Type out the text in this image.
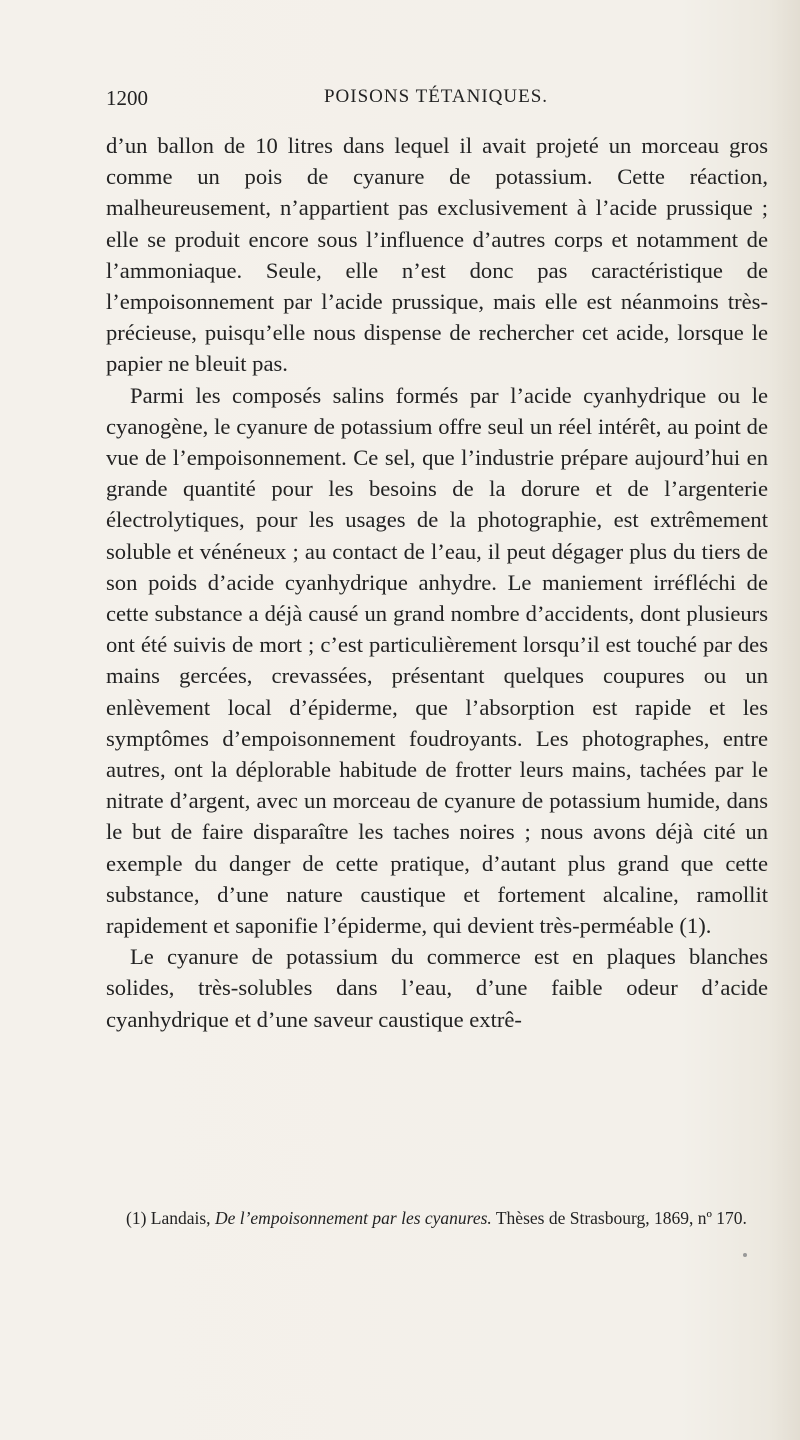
1200	POISONS TÉTANIQUES.

d’un ballon de 10 litres dans lequel il avait projeté un morceau gros comme un pois de cyanure de potassium. Cette réaction, malheureusement, n’appartient pas exclusivement à l’acide prussique ; elle se produit encore sous l’influence d’autres corps et notamment de l’ammoniaque. Seule, elle n’est donc pas caractéristique de l’empoisonnement par l’acide prussique, mais elle est néanmoins très-précieuse, puisqu’elle nous dispense de rechercher cet acide, lorsque le papier ne bleuit pas.

Parmi les composés salins formés par l’acide cyanhydrique ou le cyanogène, le cyanure de potassium offre seul un réel intérêt, au point de vue de l’empoisonnement. Ce sel, que l’industrie prépare aujourd’hui en grande quantité pour les besoins de la dorure et de l’argenterie électrolytiques, pour les usages de la photographie, est extrêmement soluble et vénéneux ; au contact de l’eau, il peut dégager plus du tiers de son poids d’acide cyanhydrique anhydre. Le maniement irréfléchi de cette substance a déjà causé un grand nombre d’accidents, dont plusieurs ont été suivis de mort ; c’est particulièrement lorsqu’il est touché par des mains gercées, crevassées, présentant quelques coupures ou un enlèvement local d’épiderme, que l’absorption est rapide et les symptômes d’empoisonnement foudroyants. Les photographes, entre autres, ont la déplorable habitude de frotter leurs mains, tachées par le nitrate d’argent, avec un morceau de cyanure de potassium humide, dans le but de faire disparaître les taches noires ; nous avons déjà cité un exemple du danger de cette pratique, d’autant plus grand que cette substance, d’une nature caustique et fortement alcaline, ramollit rapidement et saponifie l’épiderme, qui devient très-perméable (1).

Le cyanure de potassium du commerce est en plaques blanches solides, très-solubles dans l’eau, d’une faible odeur d’acide cyanhydrique et d’une saveur caustique extrê-

(1) Landais, De l’empoisonnement par les cyanures. Thèses de Strasbourg, 1869, nº 170.
